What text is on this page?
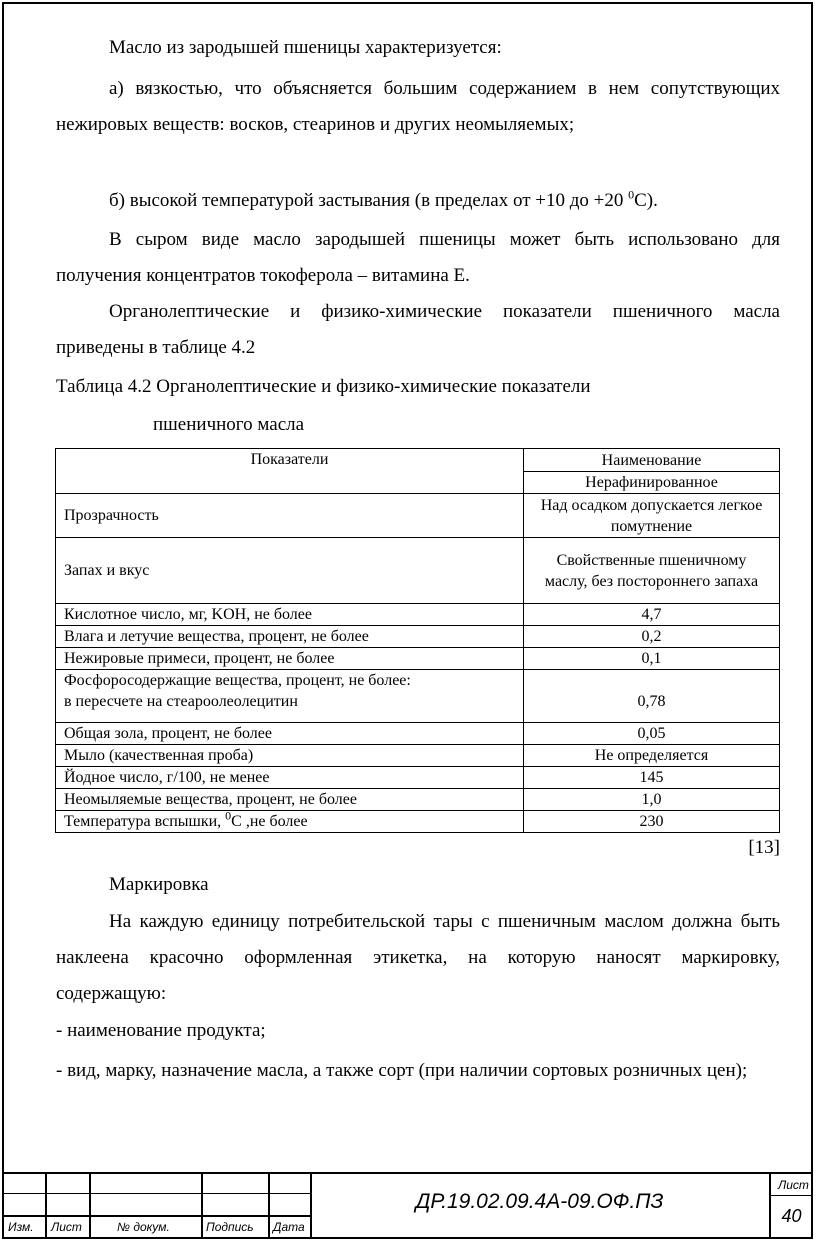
Масло из зародышей пшеницы характеризуется:

а) вязкостью, что объясняется большим содержанием в нем сопутствующих нежировых веществ: восков, стеаринов и других неомыляемых;

б) высокой температурой застывания (в пределах от +10 до +20 $^0$С).

В сыром виде масло зародышей пшеницы может быть использовано для получения концентратов токоферола – витамина Е.

Органолептические и физико-химические показатели пшеничного масла приведены в таблице 4.2

Таблица 4.2 Органолептические и физико-химические показатели

пшеничного масла

Показатели	Наименование
	Нерафинированное
Прозрачность	Над осадком допускается легкое помутнение
Запах и вкус	Свойственные пшеничному маслу, без постороннего запаха
Кислотное число, мг, KOH, не более	4,7
Влага и летучие вещества, процент, не более	0,2
Нежировые примеси, процент, не более	0,1

Фосфоросодержащие вещества, процент, не более:
в пересчете на стеароолеолецитин	0,78
Общая зола, процент, не более	0,05
Мыло (качественная проба)	Не определяется
Йодное число, г/100, не менее	145
Неомыляемые вещества, процент, не более	1,0
Температура вспышки, $^0$С ,не более	230

[13]

Маркировка

На каждую единицу потребительской тары с пшеничным маслом должна быть наклеена красочно оформленная этикетка, на которую наносят маркировку, содержащую:

- наименование продукта;

- вид, марку, назначение масла, а также сорт (при наличии сортовых розничных цен);

Изм. Лист	№ докум.	Подпись Дата
ДР.19.02.09.4А-09.ОФ.ПЗ
Лист
40
